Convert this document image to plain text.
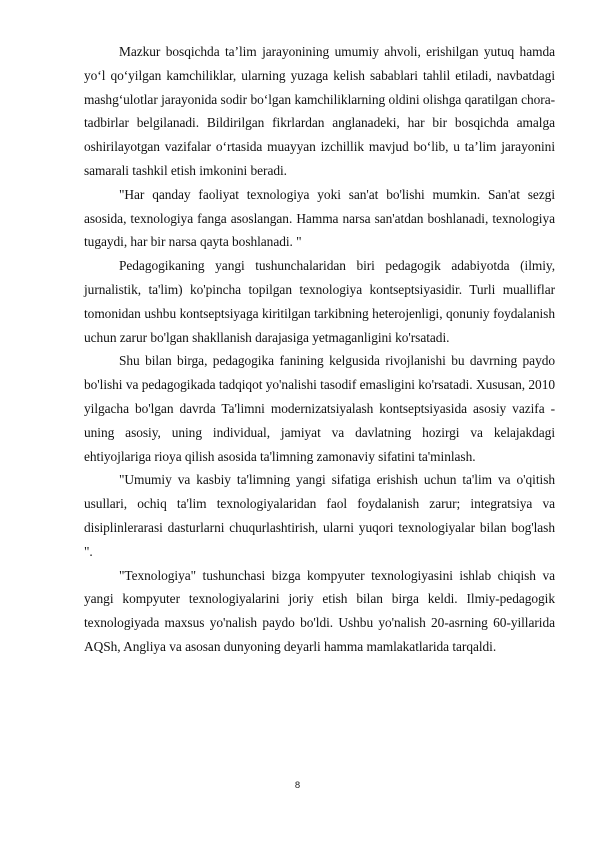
Mazkur bosqichda ta’lim jarayonining umumiy ahvoli, erishilgan yutuq hamda yo‘l qo‘yilgan kamchiliklar, ularning yuzaga kelish sabablari tahlil etiladi, navbatdagi mashg‘ulotlar jarayonida sodir bo‘lgan kamchiliklarning oldini olishga qaratilgan chora-tadbirlar belgilanadi. Bildirilgan fikrlardan anglanadeki, har bir bosqichda amalga oshirilayotgan vazifalar o‘rtasida muayyan izchillik mavjud bo‘lib, u ta’lim jarayonini samarali tashkil etish imkonini beradi.

"Har qanday faoliyat texnologiya yoki san'at bo'lishi mumkin. San'at sezgi asosida, texnologiya fanga asoslangan. Hamma narsa san'atdan boshlanadi, texnologiya tugaydi, har bir narsa qayta boshlanadi. "

Pedagogikaning yangi tushunchalaridan biri pedagogik adabiyotda (ilmiy, jurnalistik, ta'lim) ko'pincha topilgan texnologiya kontseptsiyasidir. Turli mualliflar tomonidan ushbu kontseptsiyaga kiritilgan tarkibning heterojenligi, qonuniy foydalanish uchun zarur bo'lgan shakllanish darajasiga yetmaganligini ko'rsatadi.

Shu bilan birga, pedagogika fanining kelgusida rivojlanishi bu davrning paydo bo'lishi va pedagogikada tadqiqot yo'nalishi tasodif emasligini ko'rsatadi. Xususan, 2010 yilgacha bo'lgan davrda Ta'limni modernizatsiyalash kontseptsiyasida asosiy vazifa - uning asosiy, uning individual, jamiyat va davlatning hozirgi va kelajakdagi ehtiyojlariga rioya qilish asosida ta'limning zamonaviy sifatini ta'minlash.

"Umumiy va kasbiy ta'limning yangi sifatiga erishish uchun ta'lim va o'qitish usullari, ochiq ta'lim texnologiyalaridan faol foydalanish zarur; integratsiya va disiplinlerarasi dasturlarni chuqurlashtirish, ularni yuqori texnologiyalar bilan bog'lash ".

"Texnologiya" tushunchasi bizga kompyuter texnologiyasini ishlab chiqish va yangi kompyuter texnologiyalarini joriy etish bilan birga keldi. Ilmiy-pedagogik texnologiyada maxsus yo'nalish paydo bo'ldi. Ushbu yo'nalish 20-asrning 60-yillarida AQSh, Angliya va asosan dunyoning deyarli hamma mamlakatlarida tarqaldi.

8
